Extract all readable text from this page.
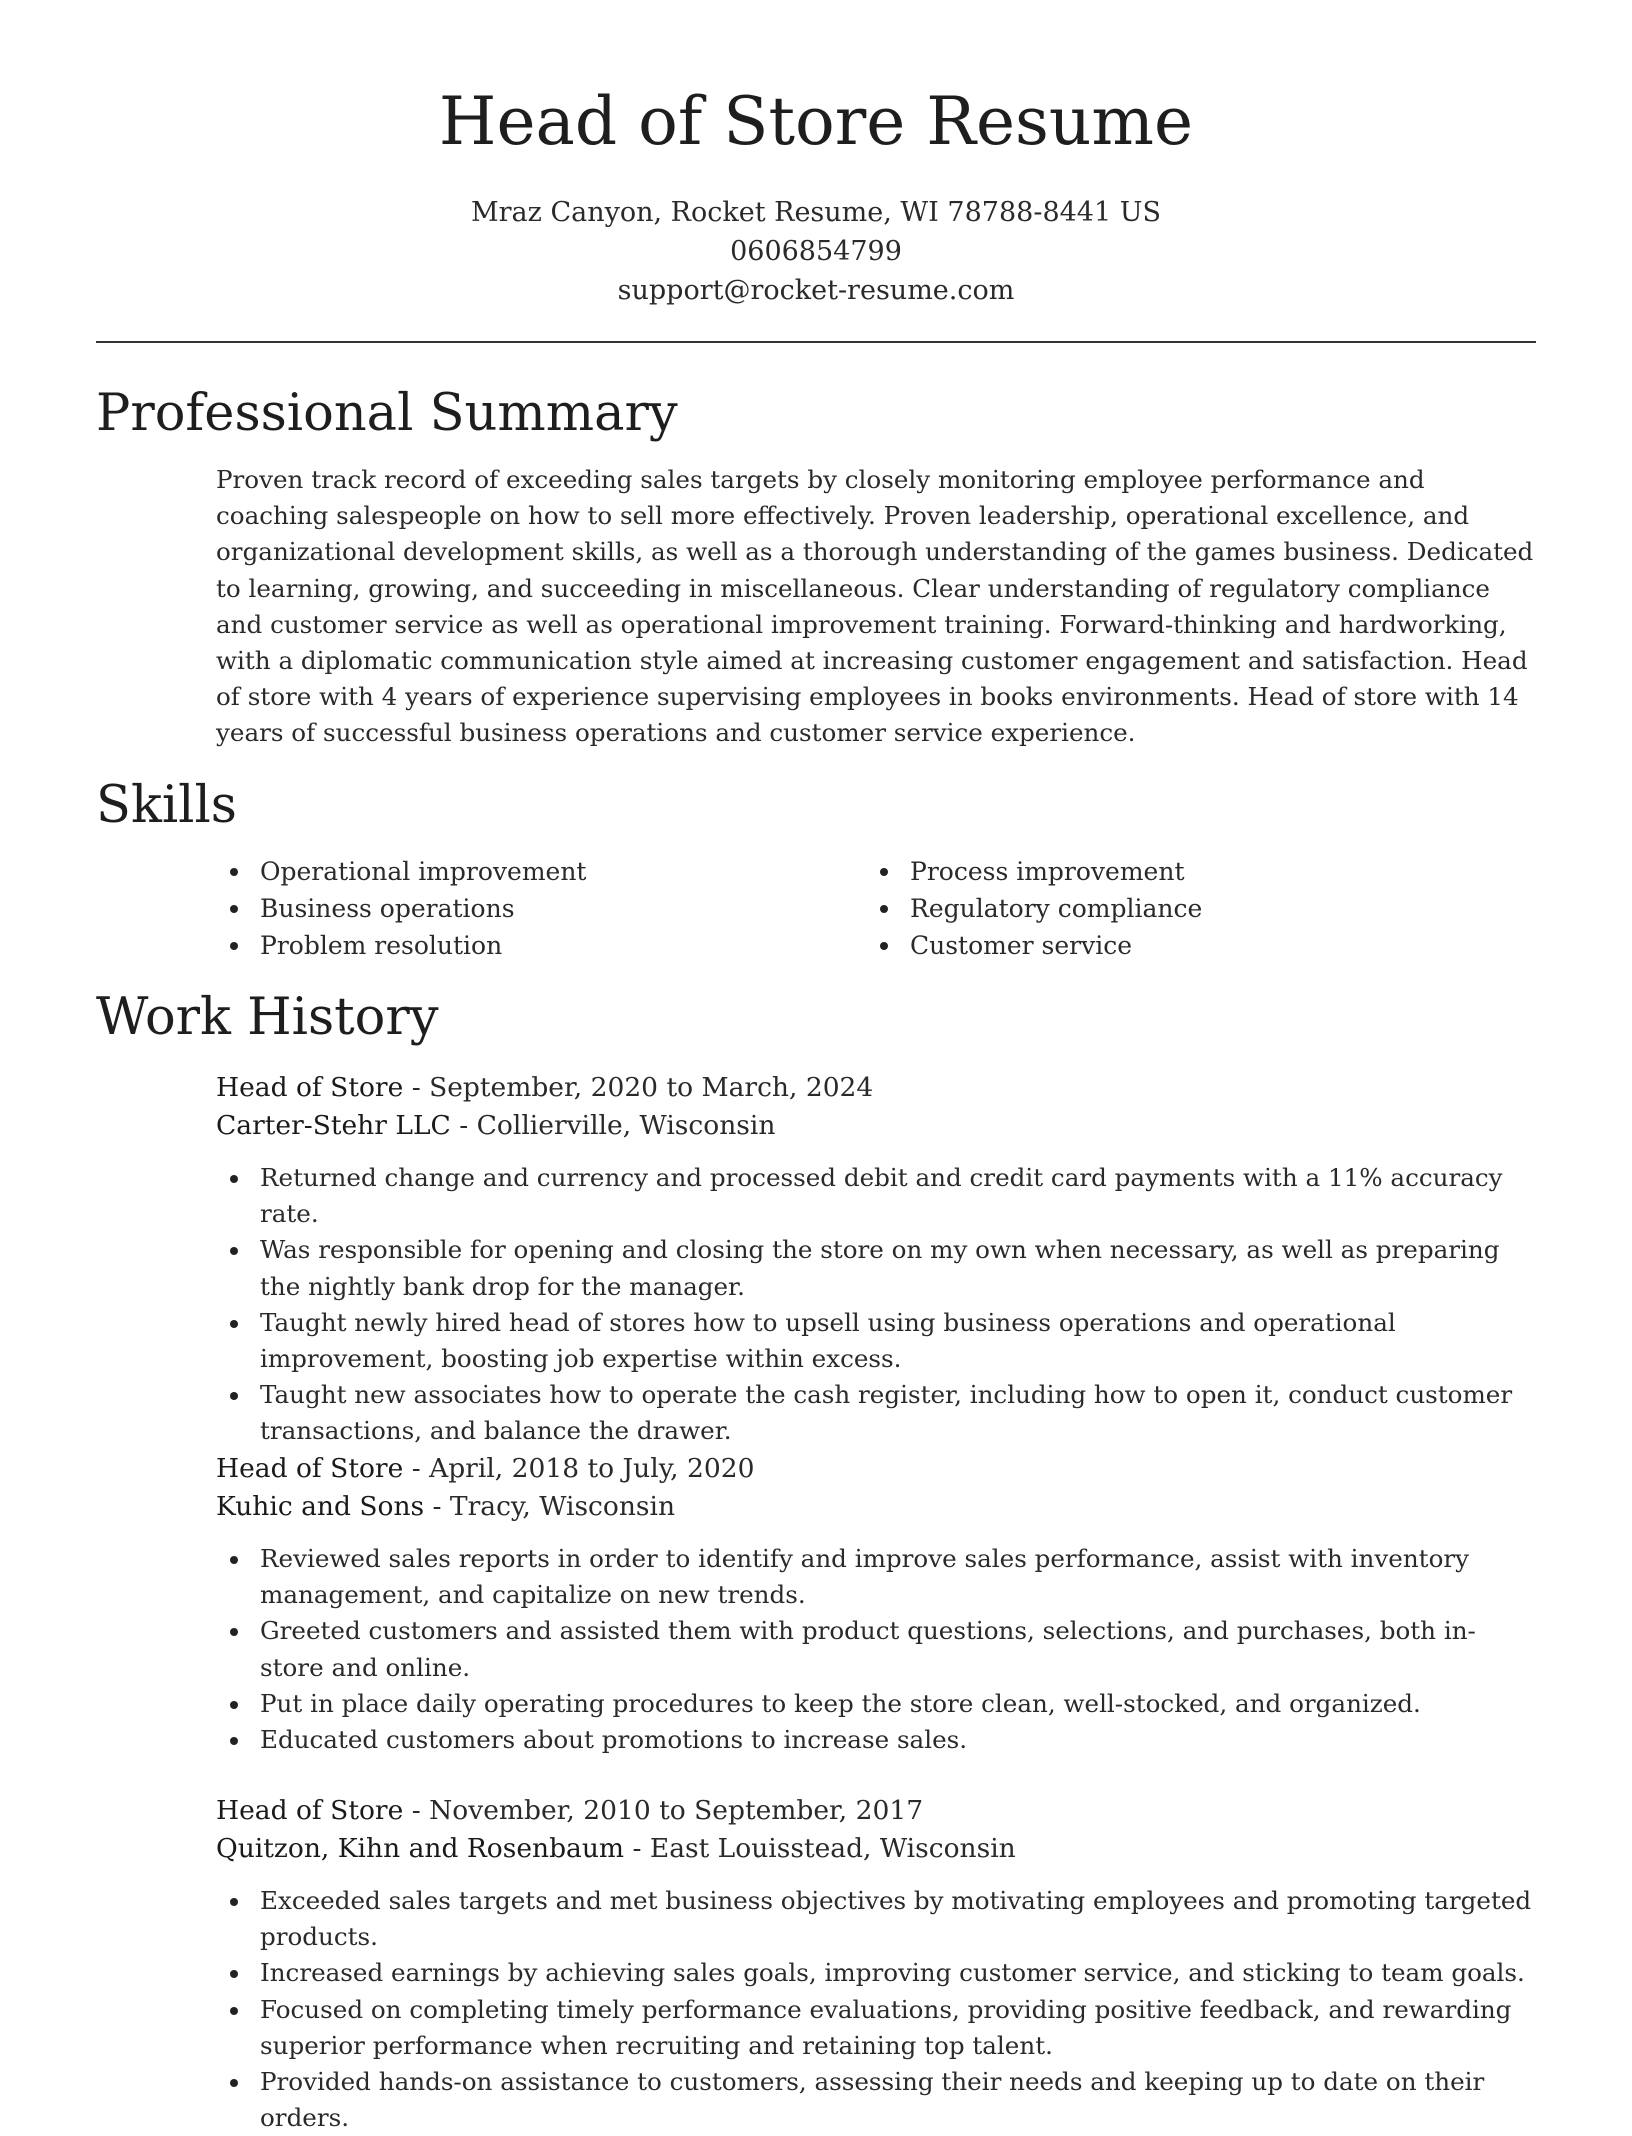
Head of Store Resume
Mraz Canyon, Rocket Resume, WI 78788-8441 US
0606854799
support@rocket-resume.com
Professional Summary

Proven track record of exceeding sales targets by closely monitoring employee performance and coaching salespeople on how to sell more effectively. Proven leadership, operational excellence, and organizational development skills, as well as a thorough understanding of the games business. Dedicated to learning, growing, and succeeding in miscellaneous. Clear understanding of regulatory compliance and customer service as well as operational improvement training. Forward-thinking and hardworking, with a diplomatic communication style aimed at increasing customer engagement and satisfaction. Head of store with 4 years of experience supervising employees in books environments. Head of store with 14 years of successful business operations and customer service experience.

Skills
Operational improvement
Business operations
Problem resolution
Process improvement
Regulatory compliance
Customer service
Work History
Head of Store - September, 2020 to March, 2024
Carter-Stehr LLC - Collierville, Wisconsin
Returned change and currency and processed debit and credit card payments with a 11% accuracy rate.
Was responsible for opening and closing the store on my own when necessary, as well as preparing the nightly bank drop for the manager.
Taught newly hired head of stores how to upsell using business operations and operational improvement, boosting job expertise within excess.
Taught new associates how to operate the cash register, including how to open it, conduct customer transactions, and balance the drawer.
Head of Store - April, 2018 to July, 2020
Kuhic and Sons - Tracy, Wisconsin
Reviewed sales reports in order to identify and improve sales performance, assist with inventory management, and capitalize on new trends.
Greeted customers and assisted them with product questions, selections, and purchases, both in-store and online.
Put in place daily operating procedures to keep the store clean, well-stocked, and organized.
Educated customers about promotions to increase sales.
Head of Store - November, 2010 to September, 2017
Quitzon, Kihn and Rosenbaum - East Louisstead, Wisconsin
Exceeded sales targets and met business objectives by motivating employees and promoting targeted products.
Increased earnings by achieving sales goals, improving customer service, and sticking to team goals.
Focused on completing timely performance evaluations, providing positive feedback, and rewarding superior performance when recruiting and retaining top talent.
Provided hands-on assistance to customers, assessing their needs and keeping up to date on their orders.
